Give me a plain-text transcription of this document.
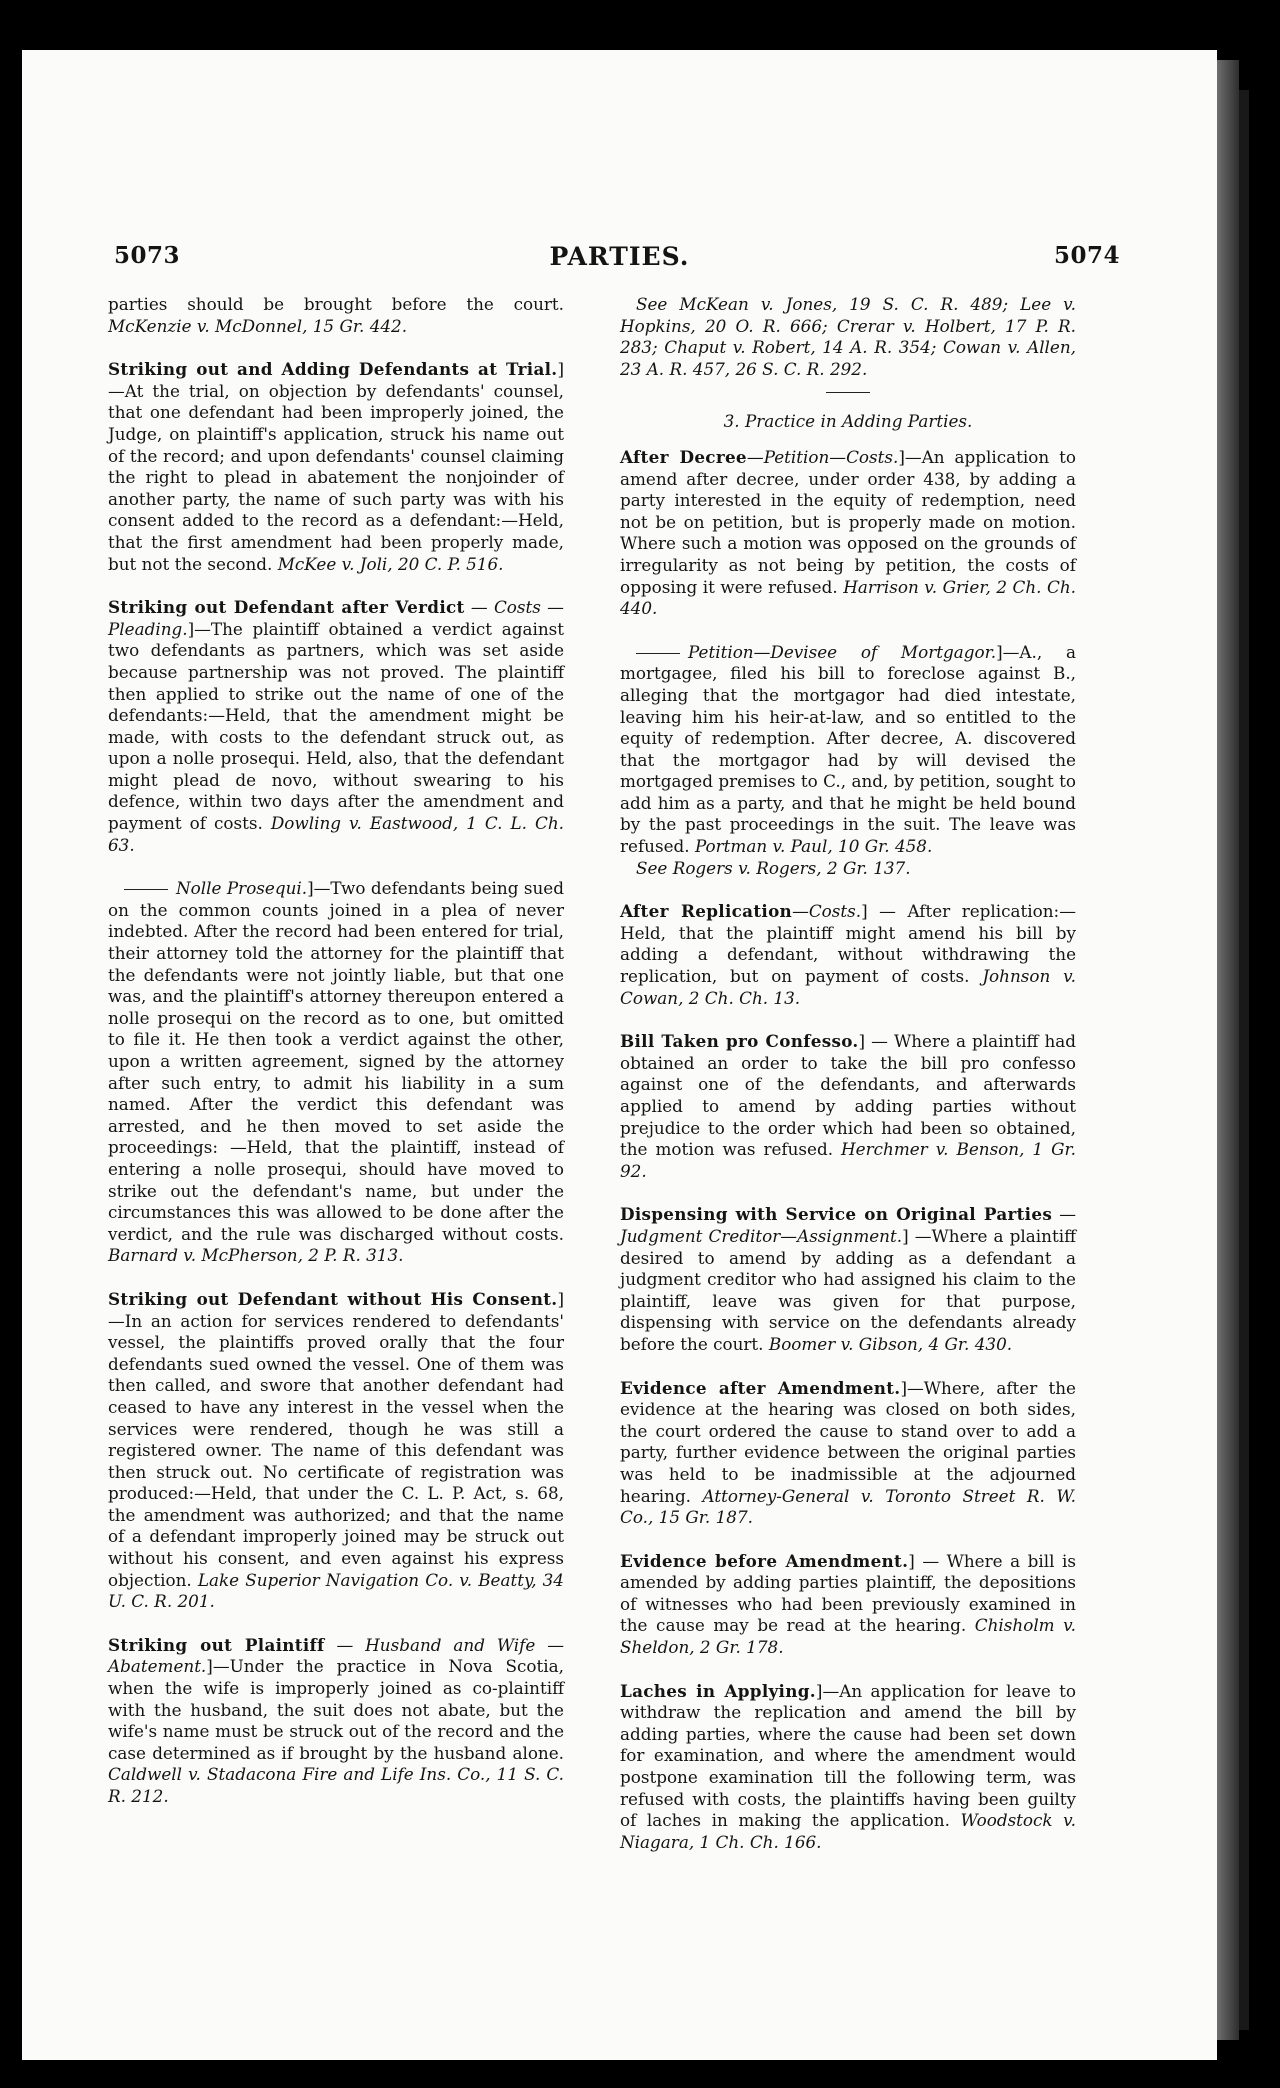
5073	PARTIES.	5074

parties should be brought before the court. McKenzie v. McDonnel, 15 Gr. 442.

Striking out and Adding Defendants at Trial.]—At the trial, on objection by defendants' counsel, that one defendant had been improperly joined, the Judge, on plaintiff's application, struck his name out of the record; and upon defendants' counsel claiming the right to plead in abatement the nonjoinder of another party, the name of such party was with his consent added to the record as a defendant:—Held, that the first amendment had been properly made, but not the second. McKee v. Joli, 20 C. P. 516.

Striking out Defendant after Verdict — Costs — Pleading.]—The plaintiff obtained a verdict against two defendants as partners, which was set aside because partnership was not proved. The plaintiff then applied to strike out the name of one of the defendants:—Held, that the amendment might be made, with costs to the defendant struck out, as upon a nolle prosequi. Held, also, that the defendant might plead de novo, without swearing to his defence, within two days after the amendment and payment of costs. Dowling v. Eastwood, 1 C. L. Ch. 63.

Nolle Prosequi.]—Two defendants being sued on the common counts joined in a plea of never indebted. After the record had been entered for trial, their attorney told the attorney for the plaintiff that the defendants were not jointly liable, but that one was, and the plaintiff's attorney thereupon entered a nolle prosequi on the record as to one, but omitted to file it. He then took a verdict against the other, upon a written agreement, signed by the attorney after such entry, to admit his liability in a sum named. After the verdict this defendant was arrested, and he then moved to set aside the proceedings: —Held, that the plaintiff, instead of entering a nolle prosequi, should have moved to strike out the defendant's name, but under the circumstances this was allowed to be done after the verdict, and the rule was discharged without costs. Barnard v. McPherson, 2 P. R. 313.

Striking out Defendant without His Consent.]—In an action for services rendered to defendants' vessel, the plaintiffs proved orally that the four defendants sued owned the vessel. One of them was then called, and swore that another defendant had ceased to have any interest in the vessel when the services were rendered, though he was still a registered owner. The name of this defendant was then struck out. No certificate of registration was produced:—Held, that under the C. L. P. Act, s. 68, the amendment was authorized; and that the name of a defendant improperly joined may be struck out without his consent, and even against his express objection. Lake Superior Navigation Co. v. Beatty, 34 U. C. R. 201.

Striking out Plaintiff — Husband and Wife — Abatement.]—Under the practice in Nova Scotia, when the wife is improperly joined as co-plaintiff with the husband, the suit does not abate, but the wife's name must be struck out of the record and the case determined as if brought by the husband alone. Caldwell v. Stadacona Fire and Life Ins. Co., 11 S. C. R. 212.

See McKean v. Jones, 19 S. C. R. 489; Lee v. Hopkins, 20 O. R. 666; Crerar v. Holbert, 17 P. R. 283; Chaput v. Robert, 14 A. R. 354; Cowan v. Allen, 23 A. R. 457, 26 S. C. R. 292.

3. Practice in Adding Parties.

After Decree—Petition—Costs.]—An application to amend after decree, under order 438, by adding a party interested in the equity of redemption, need not be on petition, but is properly made on motion. Where such a motion was opposed on the grounds of irregularity as not being by petition, the costs of opposing it were refused. Harrison v. Grier, 2 Ch. Ch. 440.

Petition—Devisee of Mortgagor.]—A., a mortgagee, filed his bill to foreclose against B., alleging that the mortgagor had died intestate, leaving him his heir-at-law, and so entitled to the equity of redemption. After decree, A. discovered that the mortgagor had by will devised the mortgaged premises to C., and, by petition, sought to add him as a party, and that he might be held bound by the past proceedings in the suit. The leave was refused. Portman v. Paul, 10 Gr. 458.

See Rogers v. Rogers, 2 Gr. 137.

After Replication—Costs.] — After replication:—Held, that the plaintiff might amend his bill by adding a defendant, without withdrawing the replication, but on payment of costs. Johnson v. Cowan, 2 Ch. Ch. 13.

Bill Taken pro Confesso.] — Where a plaintiff had obtained an order to take the bill pro confesso against one of the defendants, and afterwards applied to amend by adding parties without prejudice to the order which had been so obtained, the motion was refused. Herchmer v. Benson, 1 Gr. 92.

Dispensing with Service on Original Parties — Judgment Creditor—Assignment.] —Where a plaintiff desired to amend by adding as a defendant a judgment creditor who had assigned his claim to the plaintiff, leave was given for that purpose, dispensing with service on the defendants already before the court. Boomer v. Gibson, 4 Gr. 430.

Evidence after Amendment.]—Where, after the evidence at the hearing was closed on both sides, the court ordered the cause to stand over to add a party, further evidence between the original parties was held to be inadmissible at the adjourned hearing. Attorney-General v. Toronto Street R. W. Co., 15 Gr. 187.

Evidence before Amendment.] — Where a bill is amended by adding parties plaintiff, the depositions of witnesses who had been previously examined in the cause may be read at the hearing. Chisholm v. Sheldon, 2 Gr. 178.

Laches in Applying.]—An application for leave to withdraw the replication and amend the bill by adding parties, where the cause had been set down for examination, and where the amendment would postpone examination till the following term, was refused with costs, the plaintiffs having been guilty of laches in making the application. Woodstock v. Niagara, 1 Ch. Ch. 166.
